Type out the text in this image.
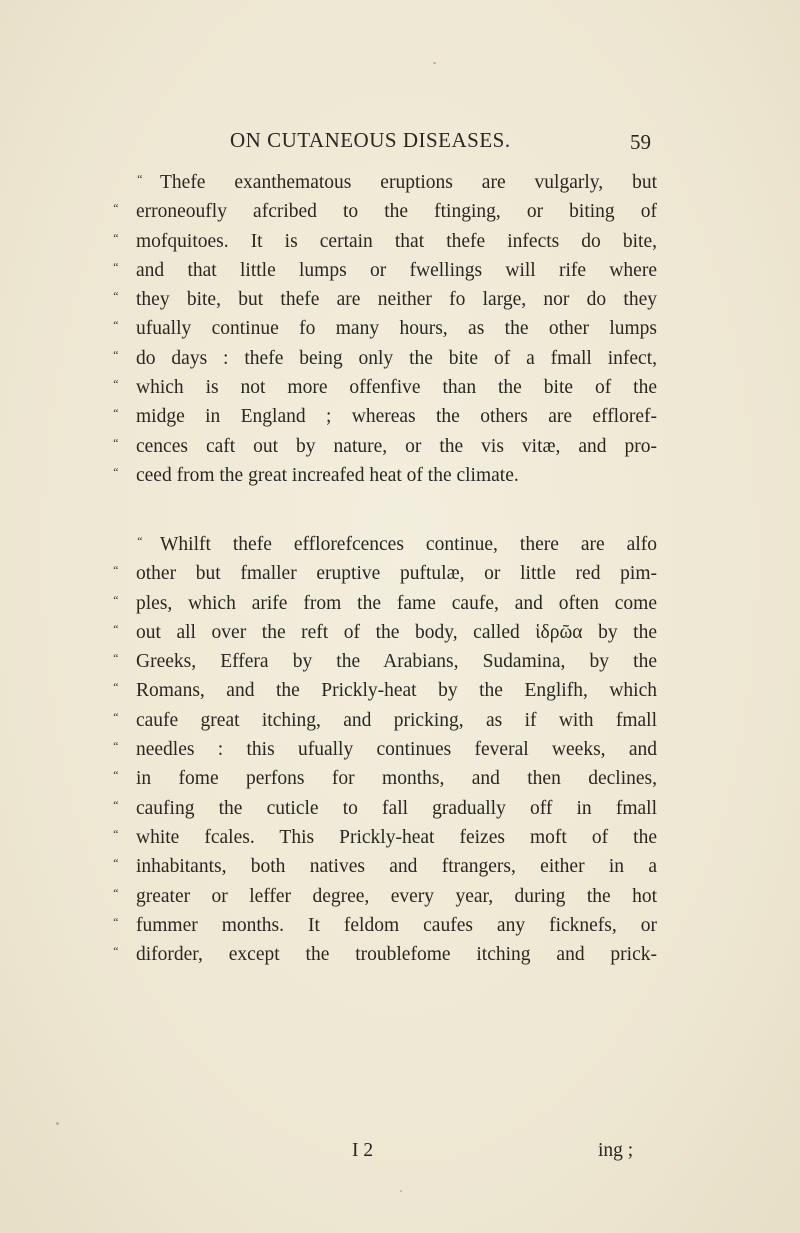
ON CUTANEOUS DISEASES.	59
“ Thefe exanthematous eruptions are vulgarly, but
“ erroneoufly afcribed to the ftinging, or biting of
“ mofquitoes. It is certain that thefe infects do bite,
“ and that little lumps or fwellings will rife where
“ they bite, but thefe are neither fo large, nor do they
“ ufually continue fo many hours, as the other lumps
“ do days : thefe being only the bite of a fmall infect,
“ which is not more offenfive than the bite of the
“ midge in England ; whereas the others are effloref-
“ cences caft out by nature, or the vis vitæ, and pro-
“ ceed from the great increafed heat of the climate.
“ Whilft thefe efflorefcences continue, there are alfo
“ other but fmaller eruptive puftulæ, or little red pim-
“ ples, which arife from the fame caufe, and often come
“ out all over the reft of the body, called ἱδρῶα by the
“ Greeks, Effera by the Arabians, Sudamina, by the
“ Romans, and the Prickly-heat by the Englifh, which
“ caufe great itching, and pricking, as if with fmall
“ needles : this ufually continues feveral weeks, and
“ in fome perfons for months, and then declines,
“ caufing the cuticle to fall gradually off in fmall
“ white fcales. This Prickly-heat feizes moft of the
“ inhabitants, both natives and ftrangers, either in a
“ greater or leffer degree, every year, during the hot
“ fummer months. It feldom caufes any ficknefs, or
“ diforder, except the troublefome itching and prick-
I 2	ing ;
